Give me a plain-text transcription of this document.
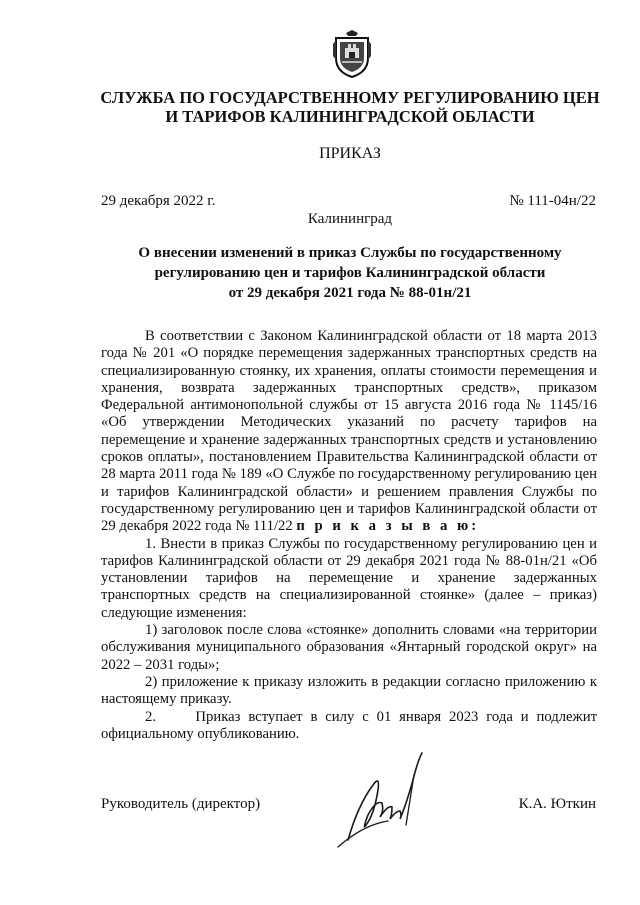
СЛУЖБА ПО ГОСУДАРСТВЕННОМУ РЕГУЛИРОВАНИЮ ЦЕН
И ТАРИФОВ КАЛИНИНГРАДСКОЙ ОБЛАСТИ
ПРИКАЗ
29 декабря 2022 г.	№ 111-04н/22
Калининград
О внесении изменений в приказ Службы по государственному
регулированию цен и тарифов Калининградской области
от 29 декабря 2021 года № 88-01н/21

В соответствии с Законом Калининградской области от 18 марта 2013 года № 201 «О порядке перемещения задержанных транспортных средств на специализированную стоянку, их хранения, оплаты стоимости перемещения и хранения, возврата задержанных транспортных средств», приказом Федеральной антимонопольной службы от 15 августа 2016 года № 1145/16 «Об утверждении Методических указаний по расчету тарифов на перемещение и хранение задержанных транспортных средств и установлению сроков оплаты», постановлением Правительства Калининградской области от 28 марта 2011 года № 189 «О Службе по государственному регулированию цен и тарифов Калининградской области» и решением правления Службы по государственному регулированию цен и тарифов Калининградской области от 29 декабря 2022 года № 111/22 п р и к а з ы в а ю:

1. Внести в приказ Службы по государственному регулированию цен и тарифов Калининградской области от 29 декабря 2021 года № 88-01н/21 «Об установлении тарифов на перемещение и хранение задержанных транспортных средств на специализированной стоянке» (далее – приказ) следующие изменения:

1) заголовок после слова «стоянке» дополнить словами «на территории обслуживания муниципального образования «Янтарный городской округ» на 2022 – 2031 годы»;

2) приложение к приказу изложить в редакции согласно приложению к настоящему приказу.

2.     Приказ вступает в силу с 01 января 2023 года и подлежит официальному опубликованию.

Руководитель (директор)	К.А. Юткин
